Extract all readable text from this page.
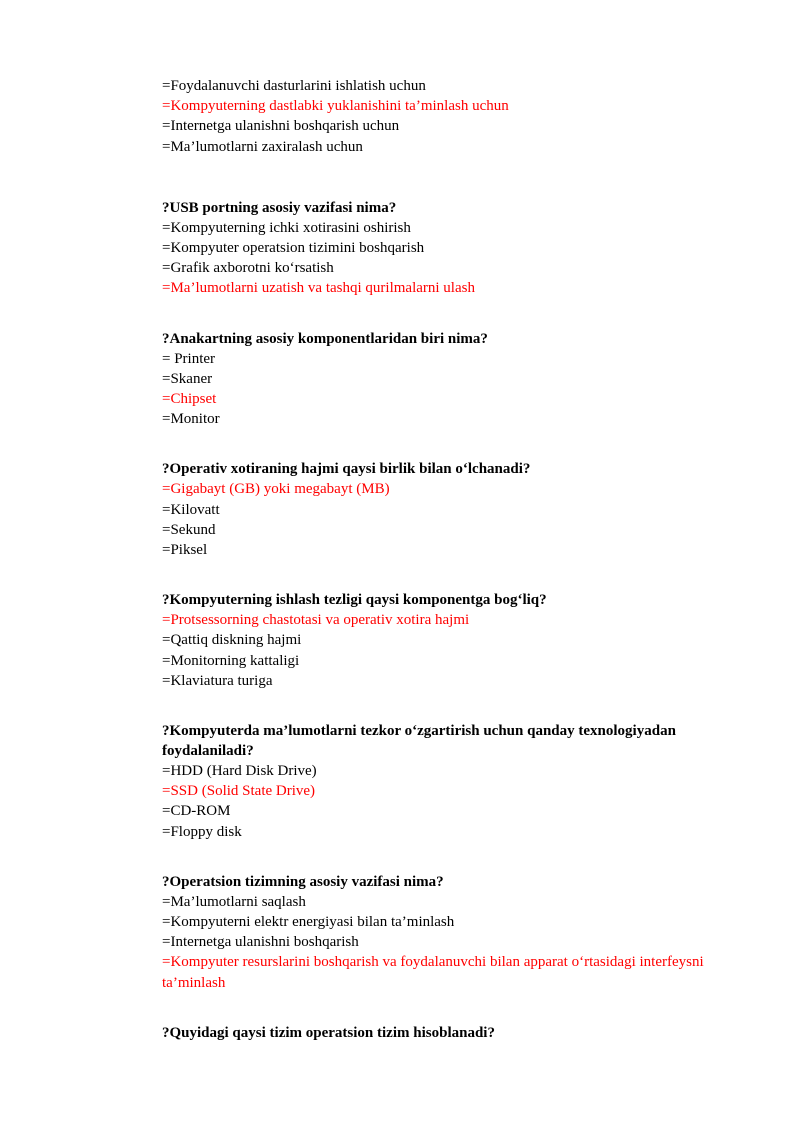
=Foydalanuvchi dasturlarini ishlatish uchun

=Kompyuterning dastlabki yuklanishini ta’minlash uchun

=Internetga ulanishni boshqarish uchun

=Ma’lumotlarni zaxiralash uchun

?USB portning asosiy vazifasi nima?

=Kompyuterning ichki xotirasini oshirish

=Kompyuter operatsion tizimini boshqarish

=Grafik axborotni ko‘rsatish

=Ma’lumotlarni uzatish va tashqi qurilmalarni ulash

?Anakartning asosiy komponentlaridan biri nima?

= Printer

=Skaner

=Chipset

=Monitor

?Operativ xotiraning hajmi qaysi birlik bilan o‘lchanadi?

=Gigabayt (GB) yoki megabayt (MB)

=Kilovatt

=Sekund

=Piksel

?Kompyuterning ishlash tezligi qaysi komponentga bog‘liq?

=Protsessorning chastotasi va operativ xotira hajmi

=Qattiq diskning hajmi

=Monitorning kattaligi

=Klaviatura turiga

?Kompyuterda ma’lumotlarni tezkor o‘zgartirish uchun qanday texnologiyadan foydalaniladi?

=HDD (Hard Disk Drive)

=SSD (Solid State Drive)

=CD-ROM

=Floppy disk

?Operatsion tizimning asosiy vazifasi nima?

=Ma’lumotlarni saqlash

=Kompyuterni elektr energiyasi bilan ta’minlash

=Internetga ulanishni boshqarish

=Kompyuter resurslarini boshqarish va foydalanuvchi bilan apparat o‘rtasidagi interfeysni ta’minlash

?Quyidagi qaysi tizim operatsion tizim hisoblanadi?
